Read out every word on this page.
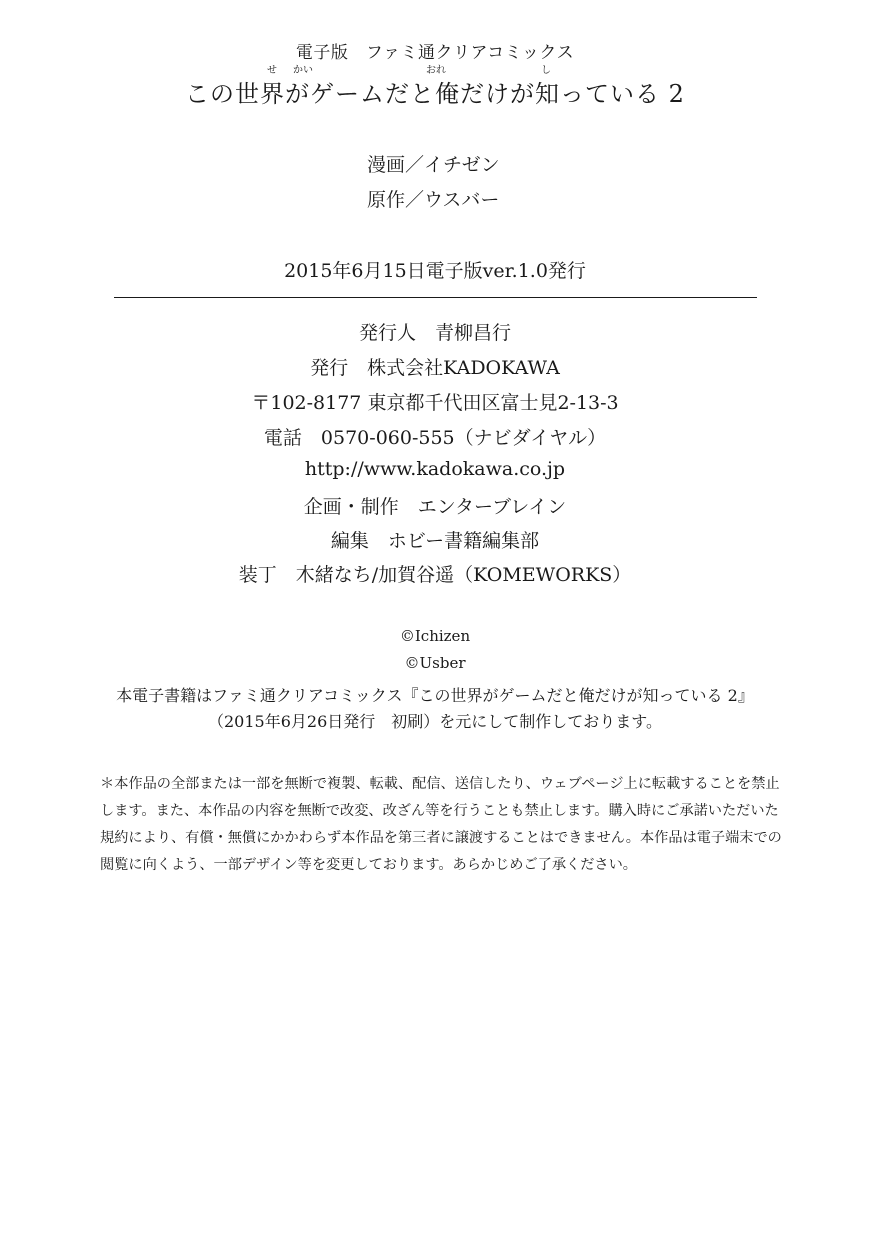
電子版　ファミ通クリアコミックス
せ かい	おれ	し
この世界がゲームだと俺だけが知っている 2
漫画／イチゼン
原作／ウスバー
2015年6月15日電子版ver.1.0発行
発行人　青柳昌行
発行　株式会社KADOKAWA
〒102-8177 東京都千代田区富士見2-13-3
電話　0570-060-555（ナビダイヤル）
http://www.kadokawa.co.jp
企画・制作　エンターブレイン
編集　ホビー書籍編集部
装丁　木緒なち/加賀谷遥（KOMEWORKS）
©Ichizen
©Usber
本電子書籍はファミ通クリアコミックス『この世界がゲームだと俺だけが知っている 2』
（2015年6月26日発行　初刷）を元にして制作しております。
＊本作品の全部または一部を無断で複製、転載、配信、送信したり、ウェブページ上に転載することを禁止
します。また、本作品の内容を無断で改変、改ざん等を行うことも禁止します。購入時にご承諾いただいた
規約により、有償・無償にかかわらず本作品を第三者に譲渡することはできません。本作品は電子端末での
閲覧に向くよう、一部デザイン等を変更しております。あらかじめご了承ください。
